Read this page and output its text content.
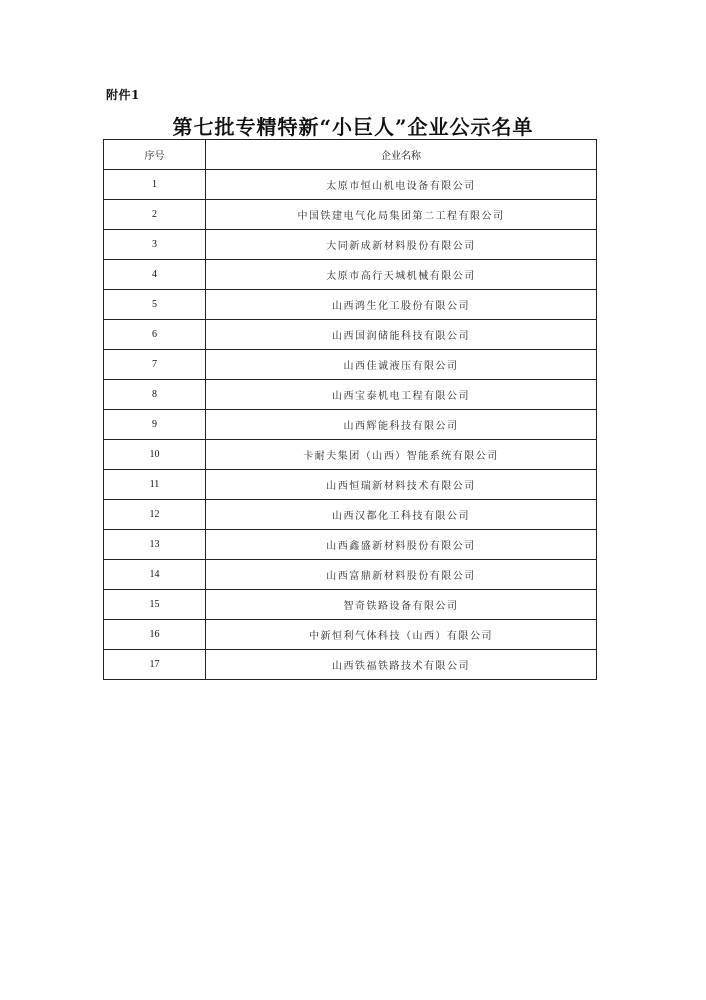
附件1
第七批专精特新“小巨人”企业公示名单
序号	企业名称
1	太原市恒山机电设备有限公司
2	中国铁建电气化局集团第二工程有限公司
3	大同新成新材料股份有限公司
4	太原市高行天城机械有限公司
5	山西鸿生化工股份有限公司
6	山西国润储能科技有限公司
7	山西佳诚液压有限公司
8	山西宝泰机电工程有限公司
9	山西辉能科技有限公司
10	卡耐夫集团（山西）智能系统有限公司
11	山西恒瑞新材料技术有限公司
12	山西汉都化工科技有限公司
13	山西鑫盛新材料股份有限公司
14	山西富鼎新材料股份有限公司
15	智奇铁路设备有限公司
16	中新恒利气体科技（山西）有限公司
17	山西铁福铁路技术有限公司
